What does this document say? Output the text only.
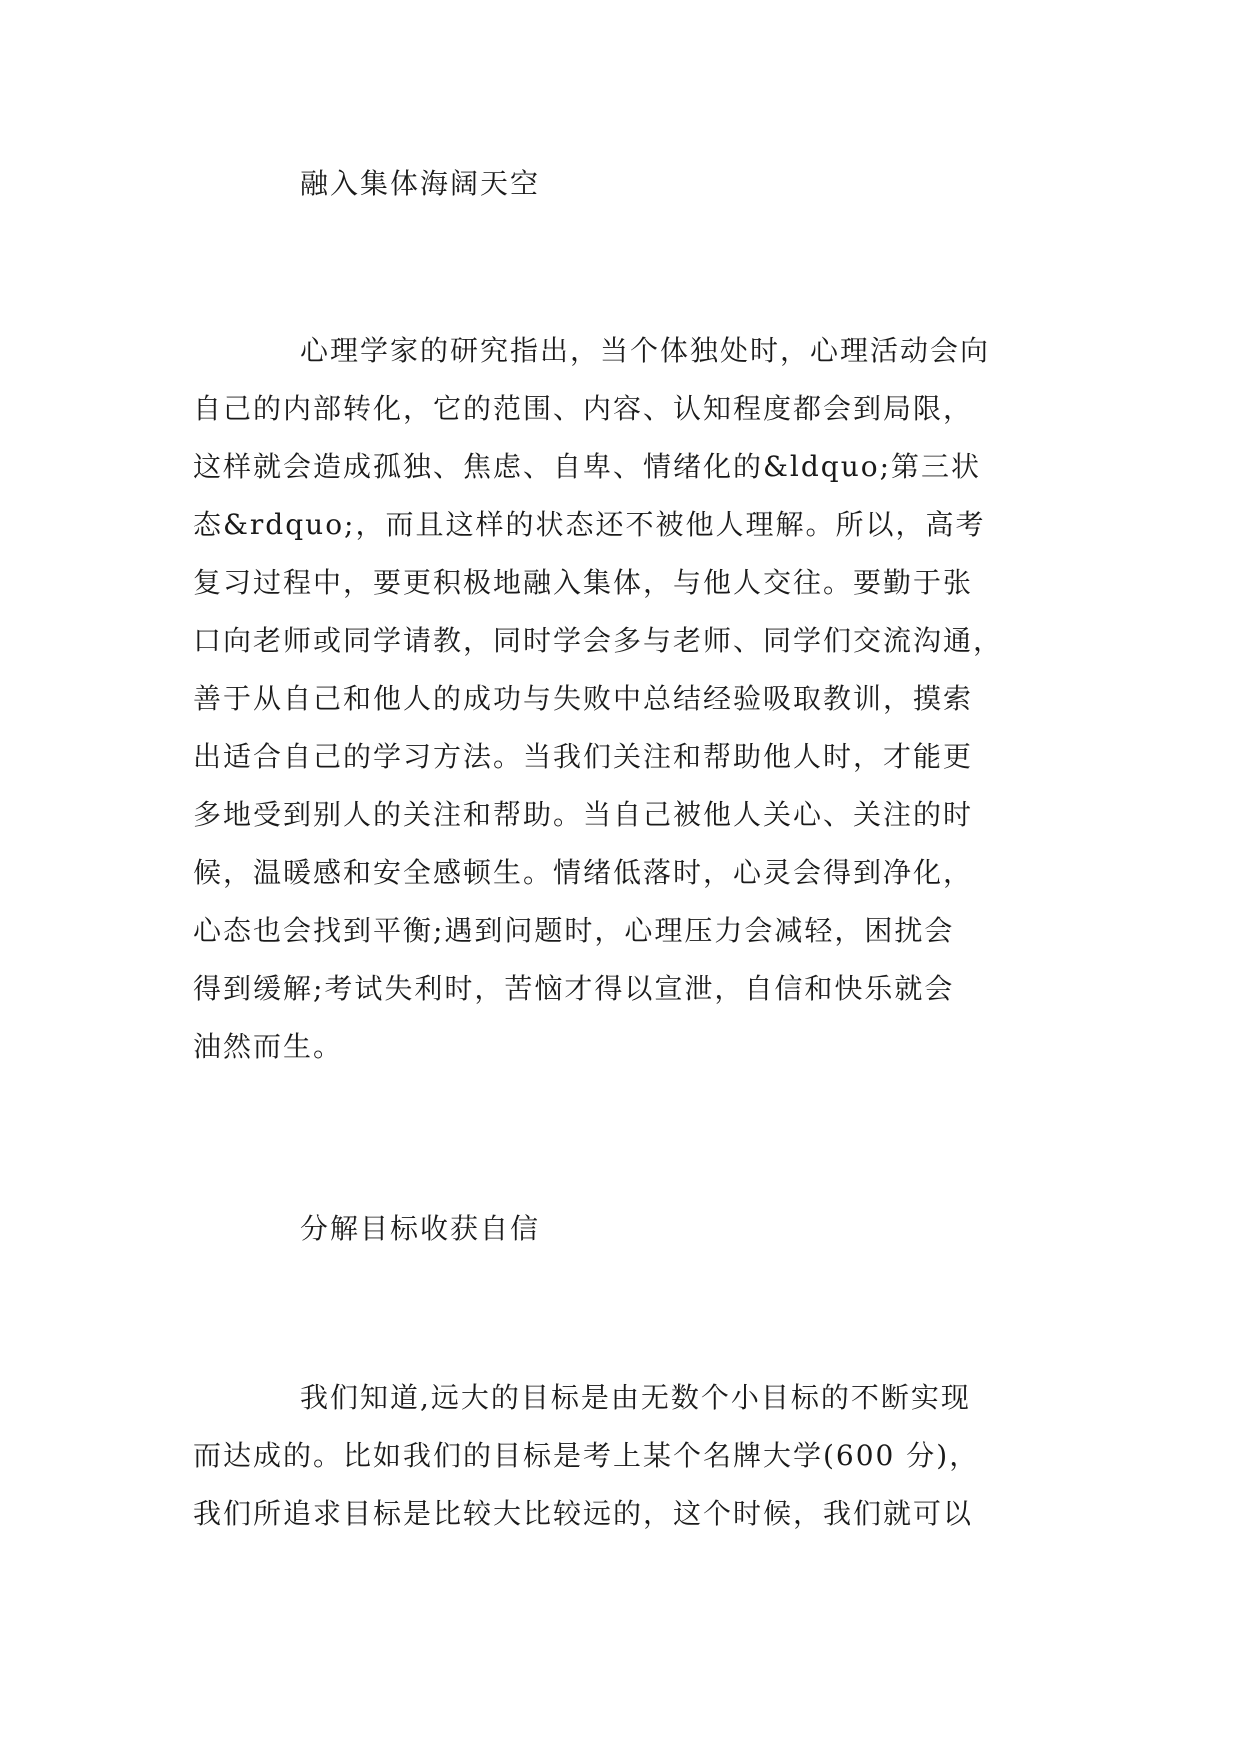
融入集体海阔天空
心理学家的研究指出，当个体独处时，心理活动会向
自己的内部转化，它的范围、内容、认知程度都会到局限，
这样就会造成孤独、焦虑、自卑、情绪化的&ldquo;第三状
态&rdquo;，而且这样的状态还不被他人理解。所以，高考
复习过程中，要更积极地融入集体，与他人交往。要勤于张
口向老师或同学请教，同时学会多与老师、同学们交流沟通，
善于从自己和他人的成功与失败中总结经验吸取教训，摸索
出适合自己的学习方法。当我们关注和帮助他人时，才能更
多地受到别人的关注和帮助。当自己被他人关心、关注的时
候，温暖感和安全感顿生。情绪低落时，心灵会得到净化，
心态也会找到平衡;遇到问题时，心理压力会减轻，困扰会
得到缓解;考试失利时，苦恼才得以宣泄，自信和快乐就会
油然而生。
分解目标收获自信
我们知道,远大的目标是由无数个小目标的不断实现
而达成的。比如我们的目标是考上某个名牌大学(600 分)，
我们所追求目标是比较大比较远的，这个时候，我们就可以
